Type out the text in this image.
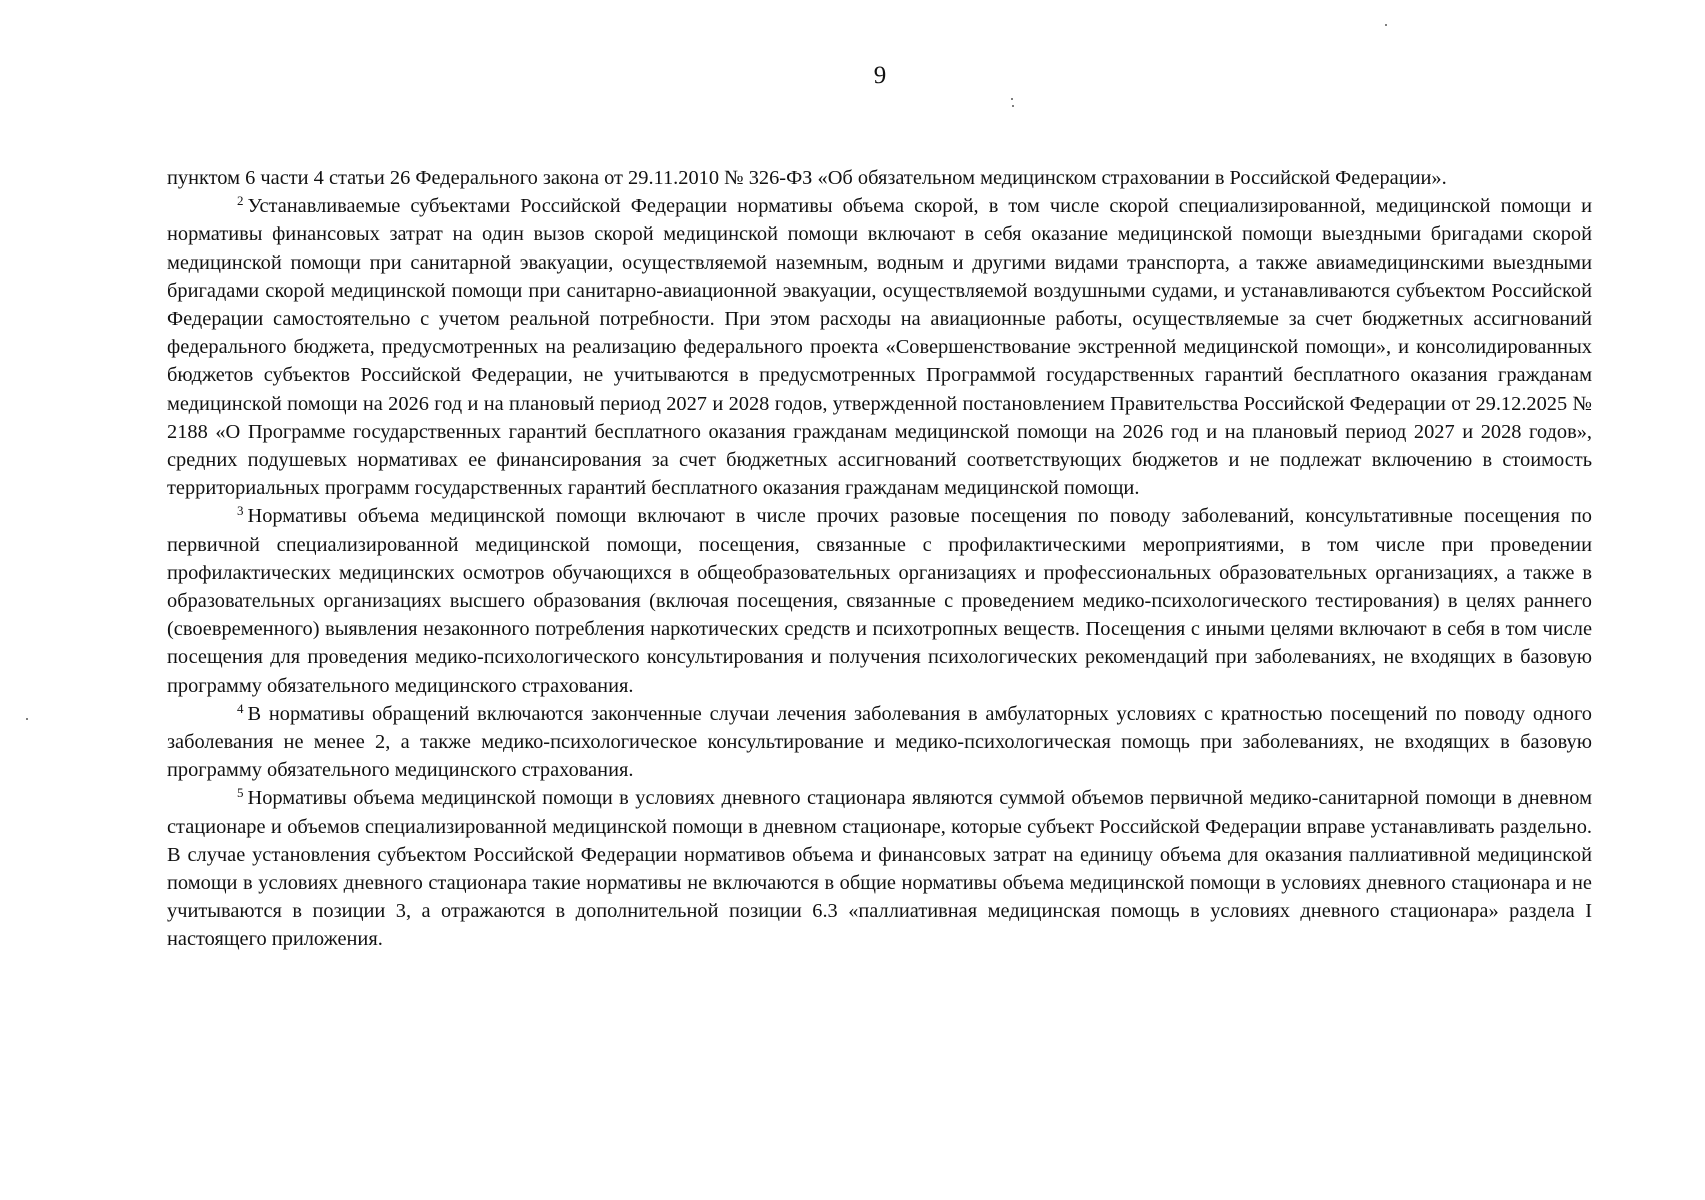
9

пунктом 6 части 4 статьи 26 Федерального закона от 29.11.2010 № 326-ФЗ «Об обязательном медицинском страховании в Российской Федерации».

$^2$ Устанавливаемые субъектами Российской Федерации нормативы объема скорой, в том числе скорой специализированной, медицинской помощи и нормативы финансовых затрат на один вызов скорой медицинской помощи включают в себя оказание медицинской помощи выездными бригадами скорой медицинской помощи при санитарной эвакуации, осуществляемой наземным, водным и другими видами транспорта, а также авиамедицинскими выездными бригадами скорой медицинской помощи при санитарно-авиационной эвакуации, осуществляемой воздушными судами, и устанавливаются субъектом Российской Федерации самостоятельно с учетом реальной потребности. При этом расходы на авиационные работы, осуществляемые за счет бюджетных ассигнований федерального бюджета, предусмотренных на реализацию федерального проекта «Совершенствование экстренной медицинской помощи», и консолидированных бюджетов субъектов Российской Федерации, не учитываются в предусмотренных Программой государственных гарантий бесплатного оказания гражданам медицинской помощи на 2026 год и на плановый период 2027 и 2028 годов, утвержденной постановлением Правительства Российской Федерации от 29.12.2025 № 2188 «О Программе государственных гарантий бесплатного оказания гражданам медицинской помощи на 2026 год и на плановый период 2027 и 2028 годов», средних подушевых нормативах ее финансирования за счет бюджетных ассигнований соответствующих бюджетов и не подлежат включению в стоимость территориальных программ государственных гарантий бесплатного оказания гражданам медицинской помощи.

$^3$ Нормативы объема медицинской помощи включают в числе прочих разовые посещения по поводу заболеваний, консультативные посещения по первичной специализированной медицинской помощи, посещения, связанные с профилактическими мероприятиями, в том числе при проведении профилактических медицинских осмотров обучающихся в общеобразовательных организациях и профессиональных образовательных организациях, а также в образовательных организациях высшего образования (включая посещения, связанные с проведением медико-психологического тестирования) в целях раннего (своевременного) выявления незаконного потребления наркотических средств и психотропных веществ. Посещения с иными целями включают в себя в том числе посещения для проведения медико-психологического консультирования и получения психологических рекомендаций при заболеваниях, не входящих в базовую программу обязательного медицинского страхования.

$^4$ В нормативы обращений включаются законченные случаи лечения заболевания в амбулаторных условиях с кратностью посещений по поводу одного заболевания не менее 2, а также медико-психологическое консультирование и медико-психологическая помощь при заболеваниях, не входящих в базовую программу обязательного медицинского страхования.

$^5$ Нормативы объема медицинской помощи в условиях дневного стационара являются суммой объемов первичной медико-санитарной помощи в дневном стационаре и объемов специализированной медицинской помощи в дневном стационаре, которые субъект Российской Федерации вправе устанавливать раздельно. В случае установления субъектом Российской Федерации нормативов объема и финансовых затрат на единицу объема для оказания паллиативной медицинской помощи в условиях дневного стационара такие нормативы не включаются в общие нормативы объема медицинской помощи в условиях дневного стационара и не учитываются в позиции 3, а отражаются в дополнительной позиции 6.3 «паллиативная медицинская помощь в условиях дневного стационара» раздела I настоящего приложения.
